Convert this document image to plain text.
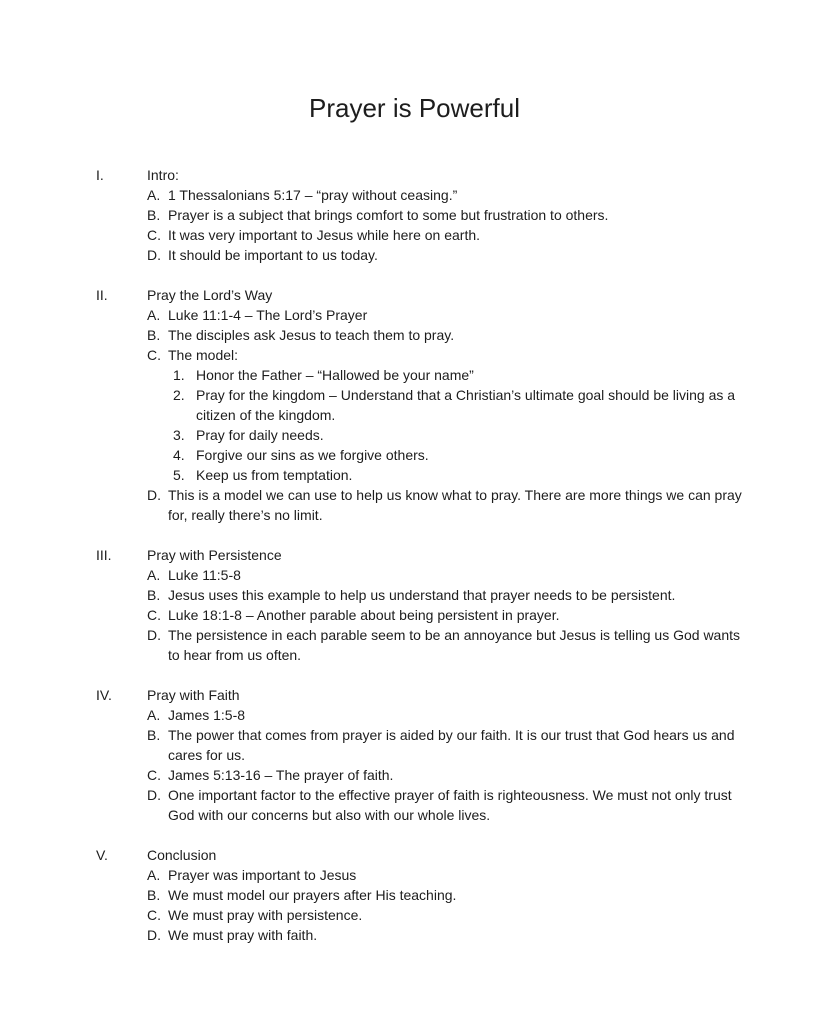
Prayer is Powerful
I.	Intro:
A. 1 Thessalonians 5:17 – “pray without ceasing.”
B. Prayer is a subject that brings comfort to some but frustration to others.
C. It was very important to Jesus while here on earth.
D. It should be important to us today.
II.	Pray the Lord’s Way
A. Luke 11:1-4 – The Lord’s Prayer
B. The disciples ask Jesus to teach them to pray.
C. The model:
1. Honor the Father – “Hallowed be your name”
2. Pray for the kingdom – Understand that a Christian’s ultimate goal should be living as a citizen of the kingdom.
3. Pray for daily needs.
4. Forgive our sins as we forgive others.
5. Keep us from temptation.
D. This is a model we can use to help us know what to pray. There are more things we can pray for, really there’s no limit.
III.	Pray with Persistence
A. Luke 11:5-8
B. Jesus uses this example to help us understand that prayer needs to be persistent.
C. Luke 18:1-8 – Another parable about being persistent in prayer.
D. The persistence in each parable seem to be an annoyance but Jesus is telling us God wants to hear from us often.
IV.	Pray with Faith
A. James 1:5-8
B. The power that comes from prayer is aided by our faith. It is our trust that God hears us and cares for us.
C. James 5:13-16 – The prayer of faith.
D. One important factor to the effective prayer of faith is righteousness. We must not only trust God with our concerns but also with our whole lives.
V.	Conclusion
A. Prayer was important to Jesus
B. We must model our prayers after His teaching.
C. We must pray with persistence.
D. We must pray with faith.
